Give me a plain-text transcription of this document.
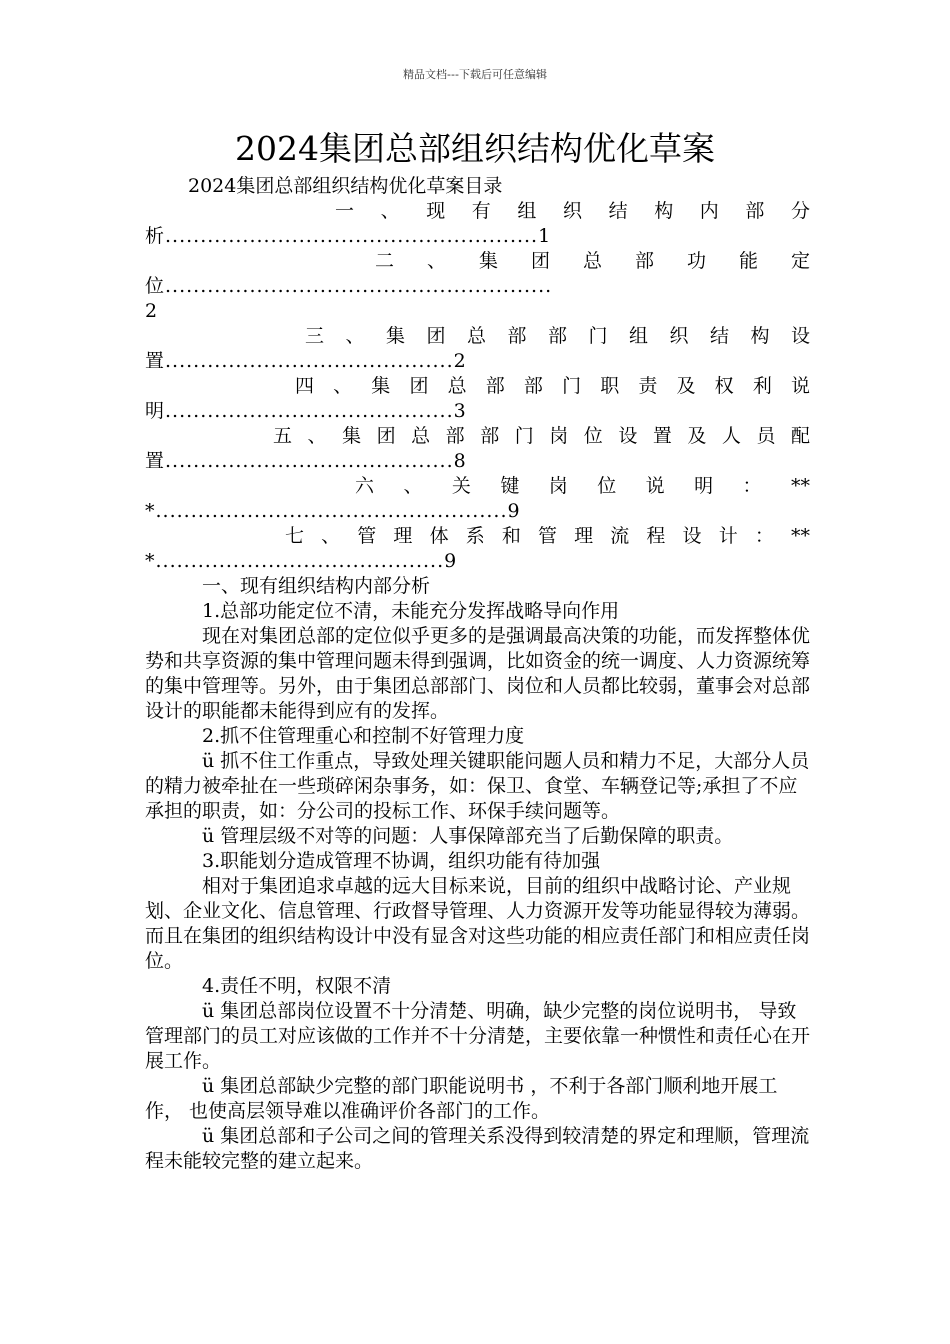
精品文档---下载后可任意编辑
2024集团总部组织结构优化草案

2024集团总部组织结构优化草案目录

一、现有组织结构内部分

析.....................................................1

二、集团总部功能定

位.......................................................

2

三、集团总部部门组织结构设

置.........................................2

四、集团总部部门职责及权利说

明.........................................3

五、集团总部部门岗位设置及人员配

置.........................................8

六、关键岗位说明：**

*..................................................9

七、管理体系和管理流程设计：**

*.........................................9

一、现有组织结构内部分析

1.总部功能定位不清，未能充分发挥战略导向作用

现在对集团总部的定位似乎更多的是强调最高决策的功能，而发挥整体优势和共享资源的集中管理问题未得到强调，比如资金的统一调度、人力资源统筹的集中管理等。另外，由于集团总部部门、岗位和人员都比较弱，董事会对总部设计的职能都未能得到应有的发挥。

2.抓不住管理重心和控制不好管理力度

ü 抓不住工作重点，导致处理关键职能问题人员和精力不足，大部分人员的精力被牵扯在一些琐碎闲杂事务，如：保卫、食堂、车辆登记等;承担了不应承担的职责，如：分公司的投标工作、环保手续问题等。

ü 管理层级不对等的问题：人事保障部充当了后勤保障的职责。

3.职能划分造成管理不协调，组织功能有待加强

相对于集团追求卓越的远大目标来说，目前的组织中战略讨论、产业规划、企业文化、信息管理、行政督导管理、人力资源开发等功能显得较为薄弱。而且在集团的组织结构设计中没有显含对这些功能的相应责任部门和相应责任岗位。

4.责任不明，权限不清

ü 集团总部岗位设置不十分清楚、明确，缺少完整的岗位说明书， 导致管理部门的员工对应该做的工作并不十分清楚，主要依靠一种惯性和责任心在开展工作。

ü 集团总部缺少完整的部门职能说明书 ，不利于各部门顺利地开展工作， 也使高层领导难以准确评价各部门的工作。

ü 集团总部和子公司之间的管理关系没得到较清楚的界定和理顺，管理流程未能较完整的建立起来。
